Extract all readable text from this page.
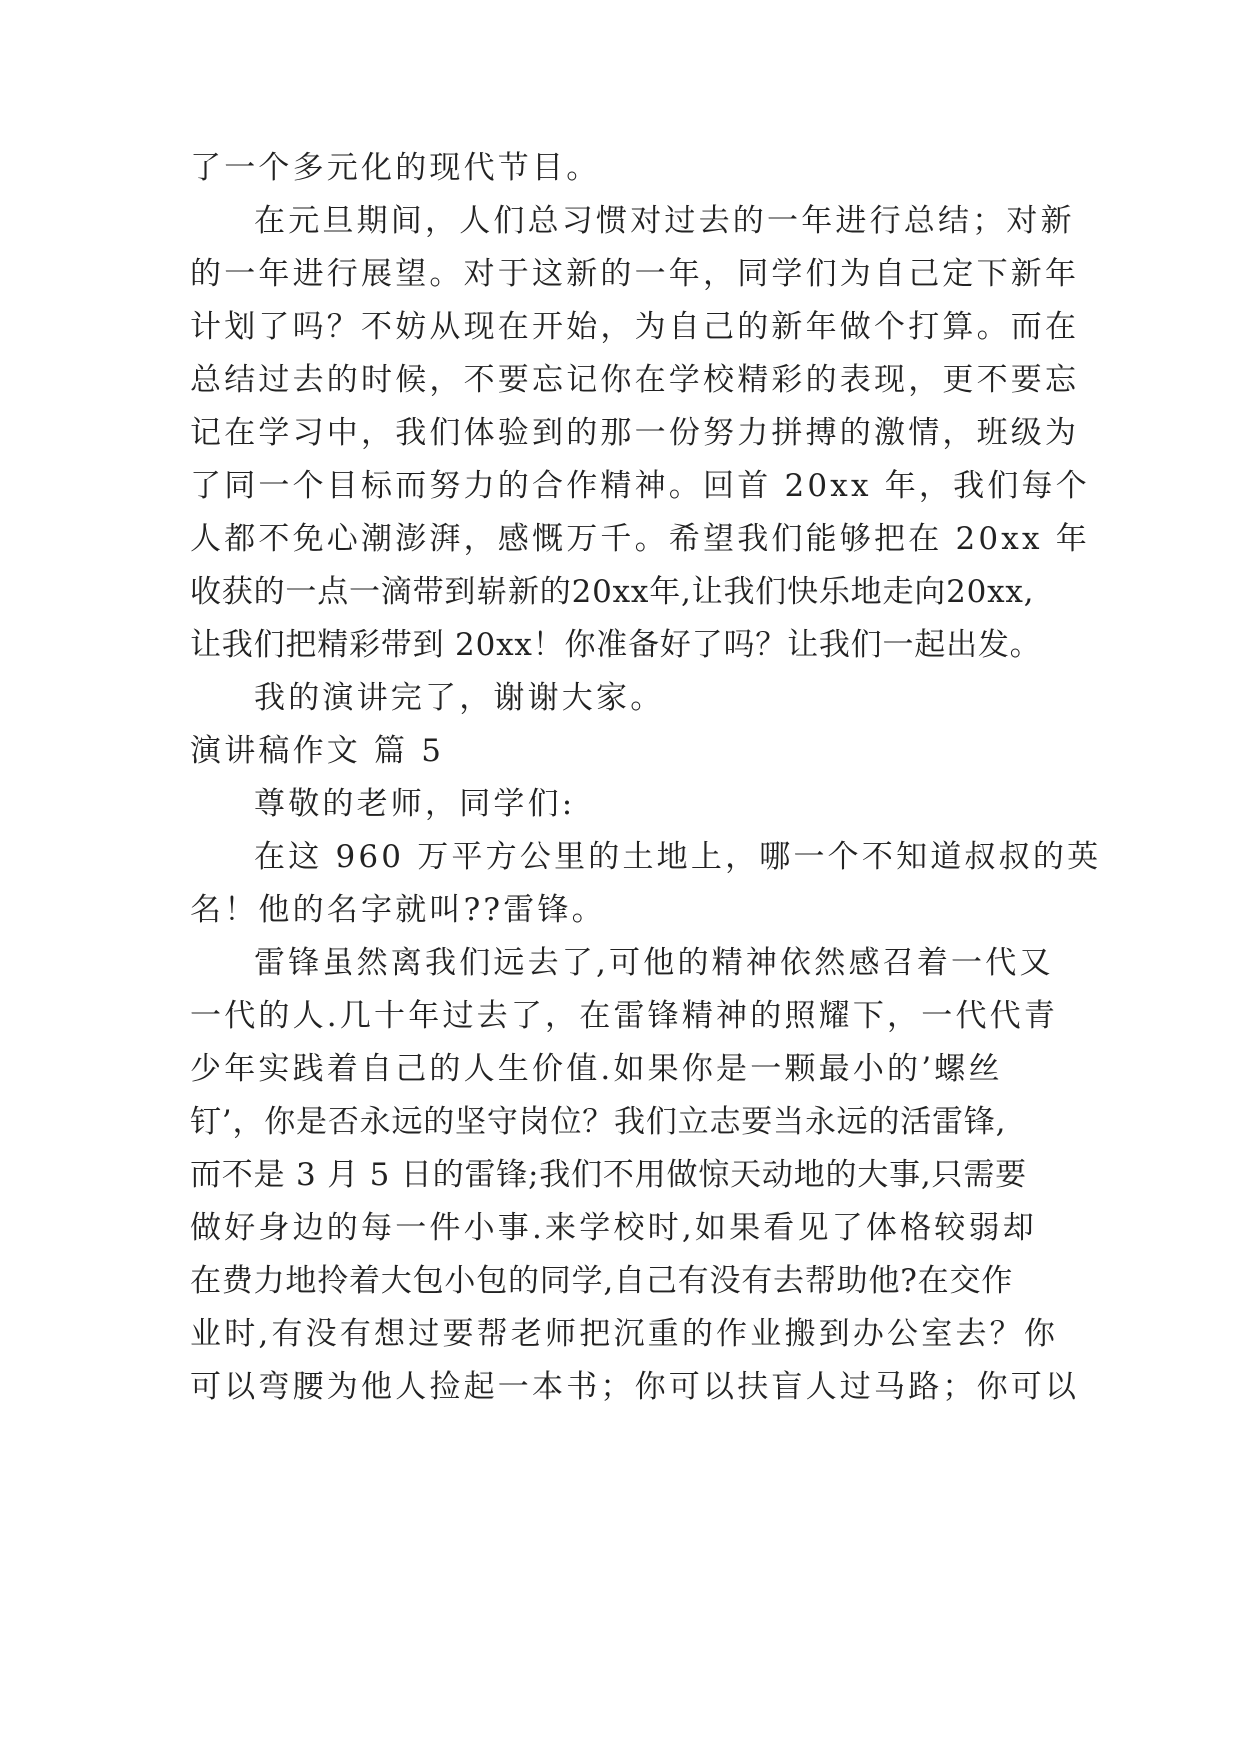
了一个多元化的现代节目。

在元旦期间，人们总习惯对过去的一年进行总结；对新

的一年进行展望。对于这新的一年，同学们为自己定下新年

计划了吗？不妨从现在开始，为自己的新年做个打算。而在

总结过去的时候，不要忘记你在学校精彩的表现，更不要忘

记在学习中，我们体验到的那一份努力拼搏的激情，班级为

了同一个目标而努力的合作精神。回首 20xx 年，我们每个

人都不免心潮澎湃，感慨万千。希望我们能够把在 20xx 年

收获的一点一滴带到崭新的20xx年,让我们快乐地走向20xx,

让我们把精彩带到 20xx！你准备好了吗？让我们一起出发。

我的演讲完了，谢谢大家。

演讲稿作文 篇 5

尊敬的老师，同学们:

在这 960 万平方公里的土地上，哪一个不知道叔叔的英

名！他的名字就叫??雷锋。

雷锋虽然离我们远去了,可他的精神依然感召着一代又

一代的人.几十年过去了，在雷锋精神的照耀下，一代代青

少年实践着自己的人生价值.如果你是一颗最小的’螺丝

钉’，你是否永远的坚守岗位？我们立志要当永远的活雷锋,

而不是 3 月 5 日的雷锋;我们不用做惊天动地的大事,只需要

做好身边的每一件小事.来学校时,如果看见了体格较弱却

在费力地拎着大包小包的同学,自己有没有去帮助他?在交作

业时,有没有想过要帮老师把沉重的作业搬到办公室去？你

可以弯腰为他人捡起一本书；你可以扶盲人过马路；你可以
